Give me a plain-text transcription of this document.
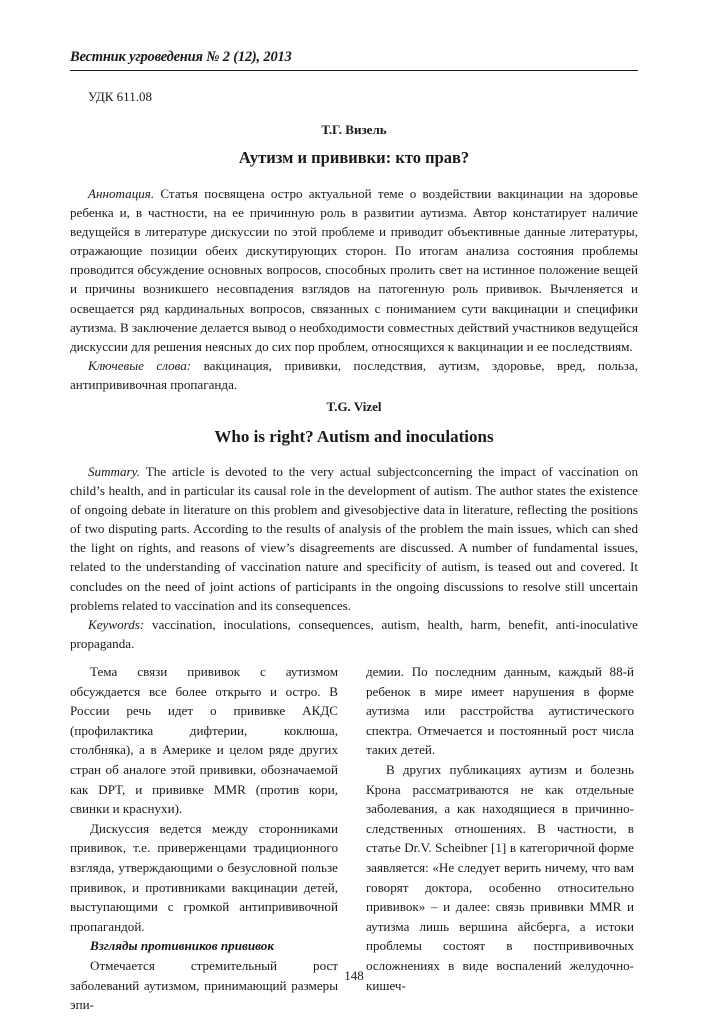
Вестник угроведения № 2 (12), 2013
УДК 611.08
Т.Г. Визель
Аутизм и прививки: кто прав?

Аннотация. Статья посвящена остро актуальной теме о воздействии вакцинации на здоровье ребенка и, в частности, на ее причинную роль в развитии аутизма. Автор констатирует наличие ведущейся в литературе дискуссии по этой проблеме и приводит объективные данные литературы, отражающие позиции обеих дискутирующих сторон. По итогам анализа состояния проблемы проводится обсуждение основных вопросов, способных пролить свет на истинное положение вещей и причины возникшего несовпадения взглядов на патогенную роль прививок. Вычленяется и освещается ряд кардинальных вопросов, связанных с пониманием сути вакцинации и специфики аутизма. В заключение делается вывод о необходимости совместных действий участников ведущейся дискуссии для решения неясных до сих пор проблем, относящихся к вакцинации и ее последствиям.

Ключевые слова: вакцинация, прививки, последствия, аутизм, здоровье, вред, польза, антипрививочная пропаганда.

T.G. Vizel
Who is right? Autism and inoculations

Summary. The article is devoted to the very actual subjectconcerning the impact of vaccination on child’s health, and in particular its causal role in the development of autism. The author states the existence of ongoing debate in literature on this problem and givesobjective data in literature, reflecting the positions of two disputing parts. According to the results of analysis of the problem the main issues, which can shed the light on rights, and reasons of view’s disagreements are discussed. A number of fundamental issues, related to the understanding of vaccination nature and specificity of autism, is teased out and covered. It concludes on the need of joint actions of participants in the ongoing discussions to resolve still uncertain problems related to vaccination and its consequences.

Keywords: vaccination, inoculations, consequences, autism, health, harm, benefit, anti-inoculative propaganda.

Тема связи прививок с аутизмом обсуждается все более открыто и остро. В России речь идет о прививке АКДС (профилактика дифтерии, коклюша, столбняка), а в Америке и целом ряде других стран об аналоге этой прививки, обозначаемой как DPT, и прививке MMR (против кори, свинки и краснухи).

Дискуссия ведется между сторонниками прививок, т.е. приверженцами традиционного взгляда, утверждающими о безусловной пользе прививок, и противниками вакцинации детей, выступающими с громкой антипрививочной пропагандой.

Взгляды противников прививок

Отмечается стремительный рост заболеваний аутизмом, принимающий размеры эпи-

демии. По последним данным, каждый 88-й ребенок в мире имеет нарушения в форме аутизма или расстройства аутистического спектра. Отмечается и постоянный рост числа таких детей.

В других публикациях аутизм и болезнь Крона рассматриваются не как отдельные заболевания, а как находящиеся в причинно-следственных отношениях. В частности, в статье Dr.V. Scheibner [1] в категоричной форме заявляется: «Не следует верить ничему, что вам говорят доктора, особенно относительно прививок» – и далее: связь прививки MMR и аутизма лишь вершина айсберга, а истоки проблемы состоят в постпрививочных осложнениях в виде воспалений желудочно-кишеч-

148
